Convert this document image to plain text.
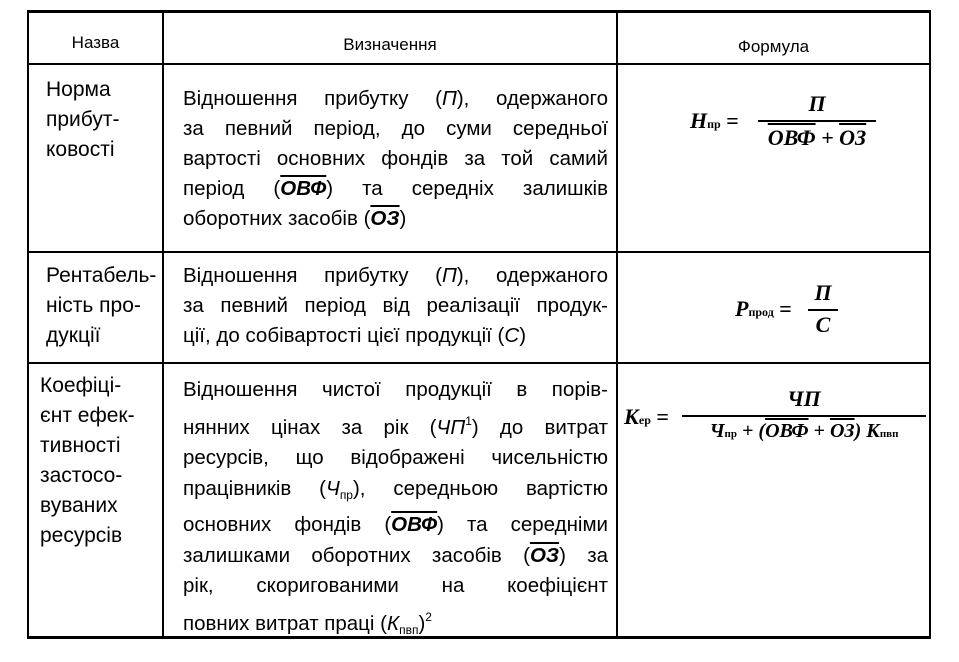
Назва	Визначення	Формула
Норма
прибут-
ковості
Відношення прибутку (П), одержаного
за певний період, до суми середньої
вартості основних фондів за той самий
період (ОВФ) та середніх залишків
оборотних засобів (ОЗ)
Нпр =
П
ОВФ + ОЗ
Рентабель-
ність про-
дукції
Відношення прибутку (П), одержаного
за певний період від реалізації продук-
ції, до собівартості цієї продукції (С)
Рпрод =
П
С
Коефіці-
єнт ефек-
тивності
застосо-
вуваних
ресурсів
Відношення чистої продукції в порів-
нянних цінах за рік $(ЧП^1)$ до витрат
ресурсів, що відображені чисельністю
працівників $(Ч_{пр})$, середньою вартістю
основних фондів (ОВФ) та середніми
залишками оборотних засобів (ОЗ) за
рік, скоригованими на коефіцієнт
повних витрат праці $(К_{пвп})^2$
Кер =
ЧП
Чпр + (ОВФ + ОЗ) Кпвп
